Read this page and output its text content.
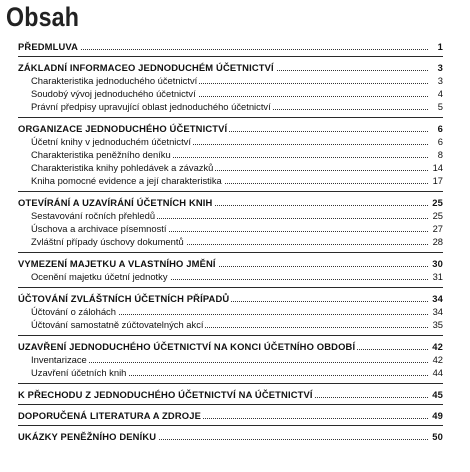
Obsah
PŘEDMLUVA	1
ZÁKLADNÍ INFORMACEO JEDNODUCHÉM ÚČETNICTVÍ	3
Charakteristika jednoduchého účetnictví	3
Soudobý vývoj jednoduchého účetnictví	4
Právní předpisy upravující oblast jednoduchého účetnictví	5
ORGANIZACE JEDNODUCHÉHO ÚČETNICTVÍ	6
Účetní knihy v jednoduchém účetnictví	6
Charakteristika peněžního deníku	8
Charakteristika knihy pohledávek a závazků	14
Kniha pomocné evidence a její charakteristika	17
OTEVÍRÁNÍ A UZAVÍRÁNÍ ÚČETNÍCH KNIH	25
Sestavování ročních přehledů	25
Úschova a archivace písemností	27
Zvláštní případy úschovy dokumentů	28
VYMEZENÍ MAJETKU A VLASTNÍHO JMĚNÍ	30
Ocenění majetku účetní jednotky	31
ÚČTOVÁNÍ ZVLÁŠTNÍCH ÚČETNÍCH PŘÍPADŮ	34
Účtování o zálohách	34
Účtování samostatně zúčtovatelných akcí	35
UZAVŘENÍ JEDNODUCHÉHO ÚČETNICTVÍ NA KONCI ÚČETNÍHO OBDOBÍ	42
Inventarizace	42
Uzavření účetních knih	44
K PŘECHODU Z JEDNODUCHÉHO ÚČETNICTVÍ NA ÚČETNICTVÍ	45
DOPORUČENÁ LITERATURA A ZDROJE	49
UKÁZKY PENĚŽNÍHO DENÍKU	50
